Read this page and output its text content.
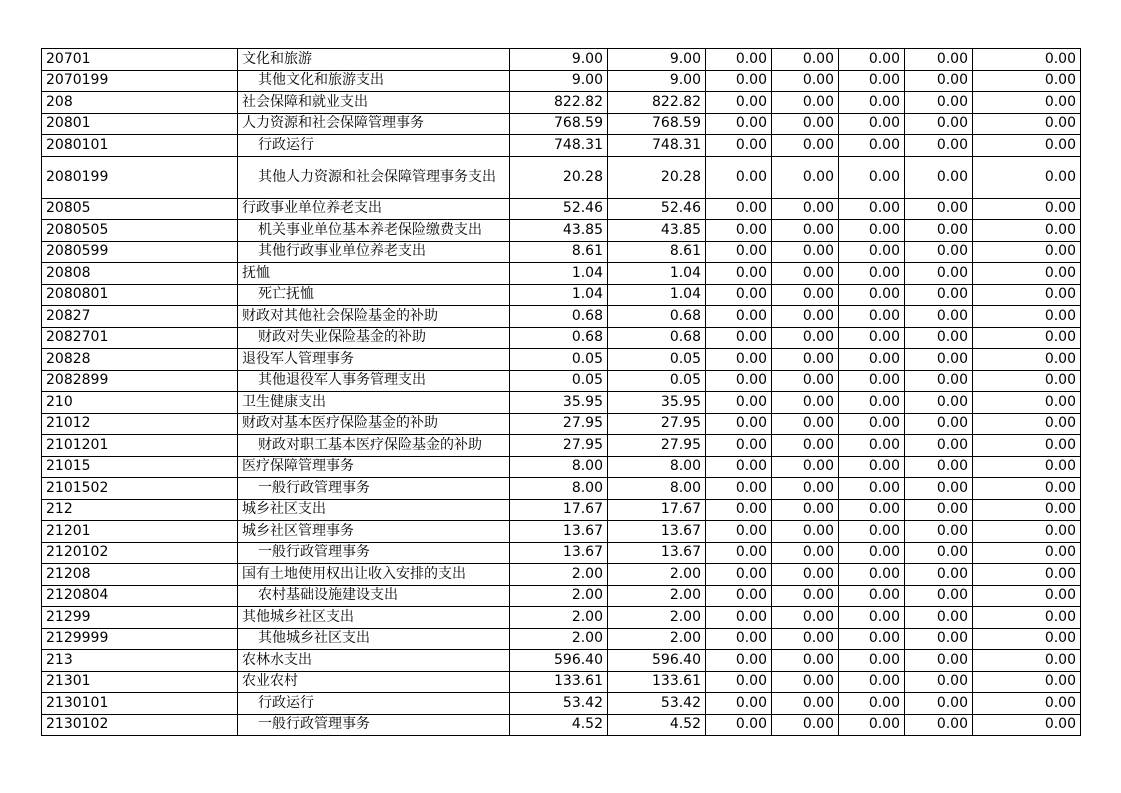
20701	文化和旅游	9.00	9.00	0.00	0.00	0.00	0.00	0.00
2070199	其他文化和旅游支出	9.00	9.00	0.00	0.00	0.00	0.00	0.00
208	社会保障和就业支出	822.82	822.82	0.00	0.00	0.00	0.00	0.00
20801	人力资源和社会保障管理事务	768.59	768.59	0.00	0.00	0.00	0.00	0.00
2080101	行政运行	748.31	748.31	0.00	0.00	0.00	0.00	0.00
2080199	其他人力资源和社会保障管理事务支出	20.28	20.28	0.00	0.00	0.00	0.00	0.00
20805	行政事业单位养老支出	52.46	52.46	0.00	0.00	0.00	0.00	0.00
2080505	机关事业单位基本养老保险缴费支出	43.85	43.85	0.00	0.00	0.00	0.00	0.00
2080599	其他行政事业单位养老支出	8.61	8.61	0.00	0.00	0.00	0.00	0.00
20808	抚恤	1.04	1.04	0.00	0.00	0.00	0.00	0.00
2080801	死亡抚恤	1.04	1.04	0.00	0.00	0.00	0.00	0.00
20827	财政对其他社会保险基金的补助	0.68	0.68	0.00	0.00	0.00	0.00	0.00
2082701	财政对失业保险基金的补助	0.68	0.68	0.00	0.00	0.00	0.00	0.00
20828	退役军人管理事务	0.05	0.05	0.00	0.00	0.00	0.00	0.00
2082899	其他退役军人事务管理支出	0.05	0.05	0.00	0.00	0.00	0.00	0.00
210	卫生健康支出	35.95	35.95	0.00	0.00	0.00	0.00	0.00
21012	财政对基本医疗保险基金的补助	27.95	27.95	0.00	0.00	0.00	0.00	0.00
2101201	财政对职工基本医疗保险基金的补助	27.95	27.95	0.00	0.00	0.00	0.00	0.00
21015	医疗保障管理事务	8.00	8.00	0.00	0.00	0.00	0.00	0.00
2101502	一般行政管理事务	8.00	8.00	0.00	0.00	0.00	0.00	0.00
212	城乡社区支出	17.67	17.67	0.00	0.00	0.00	0.00	0.00
21201	城乡社区管理事务	13.67	13.67	0.00	0.00	0.00	0.00	0.00
2120102	一般行政管理事务	13.67	13.67	0.00	0.00	0.00	0.00	0.00
21208	国有土地使用权出让收入安排的支出	2.00	2.00	0.00	0.00	0.00	0.00	0.00
2120804	农村基础设施建设支出	2.00	2.00	0.00	0.00	0.00	0.00	0.00
21299	其他城乡社区支出	2.00	2.00	0.00	0.00	0.00	0.00	0.00
2129999	其他城乡社区支出	2.00	2.00	0.00	0.00	0.00	0.00	0.00
213	农林水支出	596.40	596.40	0.00	0.00	0.00	0.00	0.00
21301	农业农村	133.61	133.61	0.00	0.00	0.00	0.00	0.00
2130101	行政运行	53.42	53.42	0.00	0.00	0.00	0.00	0.00
2130102	一般行政管理事务	4.52	4.52	0.00	0.00	0.00	0.00	0.00
